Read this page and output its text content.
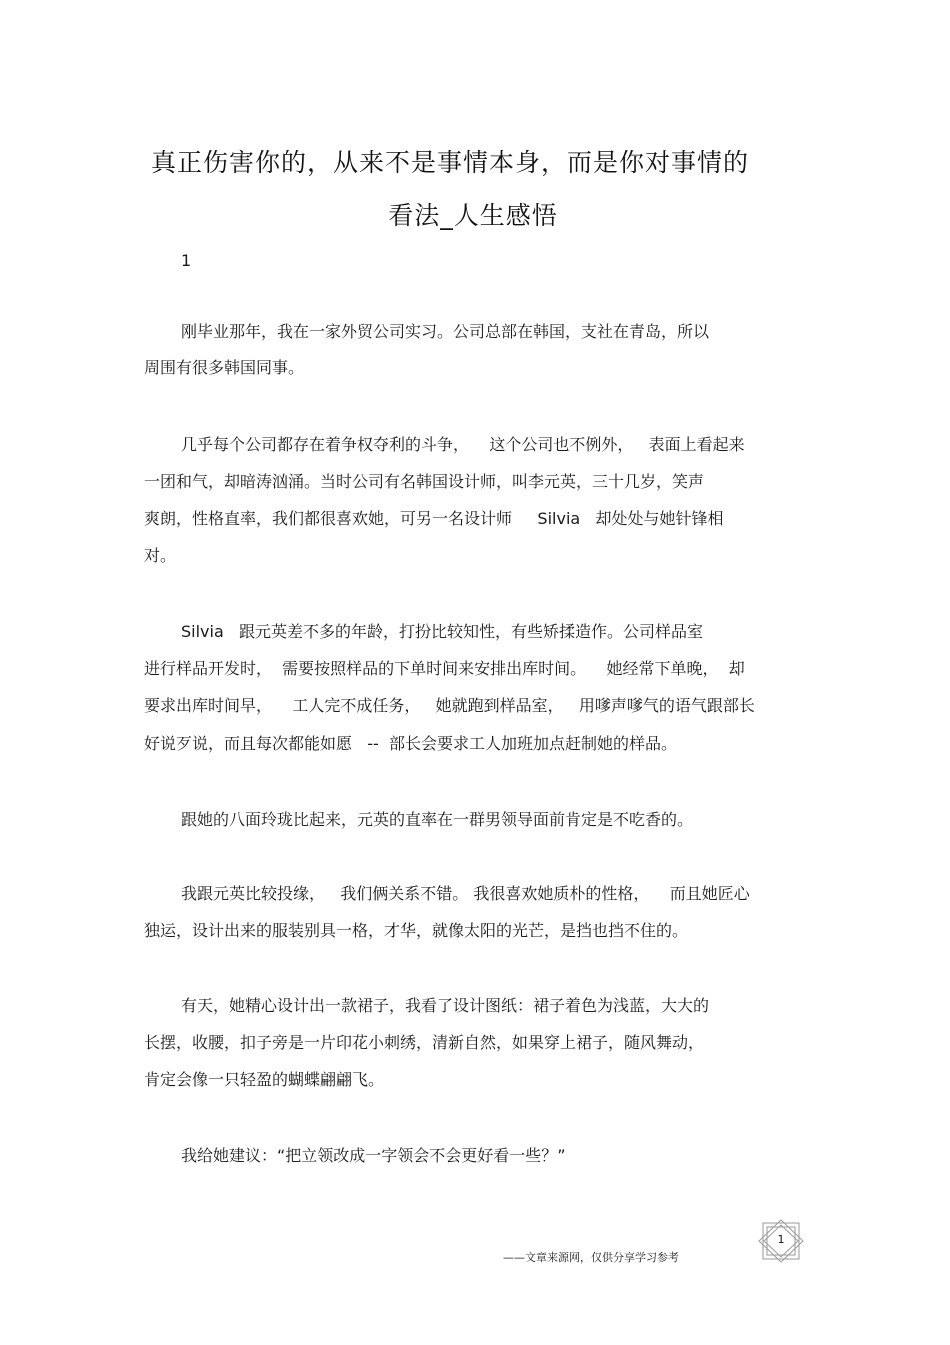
真正伤害你的，从来不是事情本身，而是你对事情的
看法_人生感悟
1
刚毕业那年，我在一家外贸公司实习。公司总部在韩国，支社在青岛，所以
周围有很多韩国同事。
几乎每个公司都存在着争权夺利的斗争，    这个公司也不例外，   表面上看起来
一团和气，却暗涛汹涌。当时公司有名韩国设计师，叫李元英，三十几岁，笑声
爽朗，性格直率，我们都很喜欢她，可另一名设计师     Silvia   却处处与她针锋相
对。
Silvia   跟元英差不多的年龄，打扮比较知性，有些矫揉造作。公司样品室
进行样品开发时，  需要按照样品的下单时间来安排出库时间。    她经常下单晚，  却
要求出库时间早，    工人完不成任务，   她就跑到样品室，   用嗲声嗲气的语气跟部长
好说歹说，而且每次都能如愿   --  部长会要求工人加班加点赶制她的样品。
跟她的八面玲珑比起来，元英的直率在一群男领导面前肯定是不吃香的。
我跟元英比较投缘，   我们俩关系不错。 我很喜欢她质朴的性格，    而且她匠心
独运，设计出来的服装别具一格，才华，就像太阳的光芒，是挡也挡不住的。
有天，她精心设计出一款裙子，我看了设计图纸：裙子着色为浅蓝，大大的
长摆，收腰，扣子旁是一片印花小刺绣，清新自然，如果穿上裙子，随风舞动，
肯定会像一只轻盈的蝴蝶翩翩飞。
我给她建议：“把立领改成一字领会不会更好看一些？”
——文章来源网，仅供分享学习参考
1
